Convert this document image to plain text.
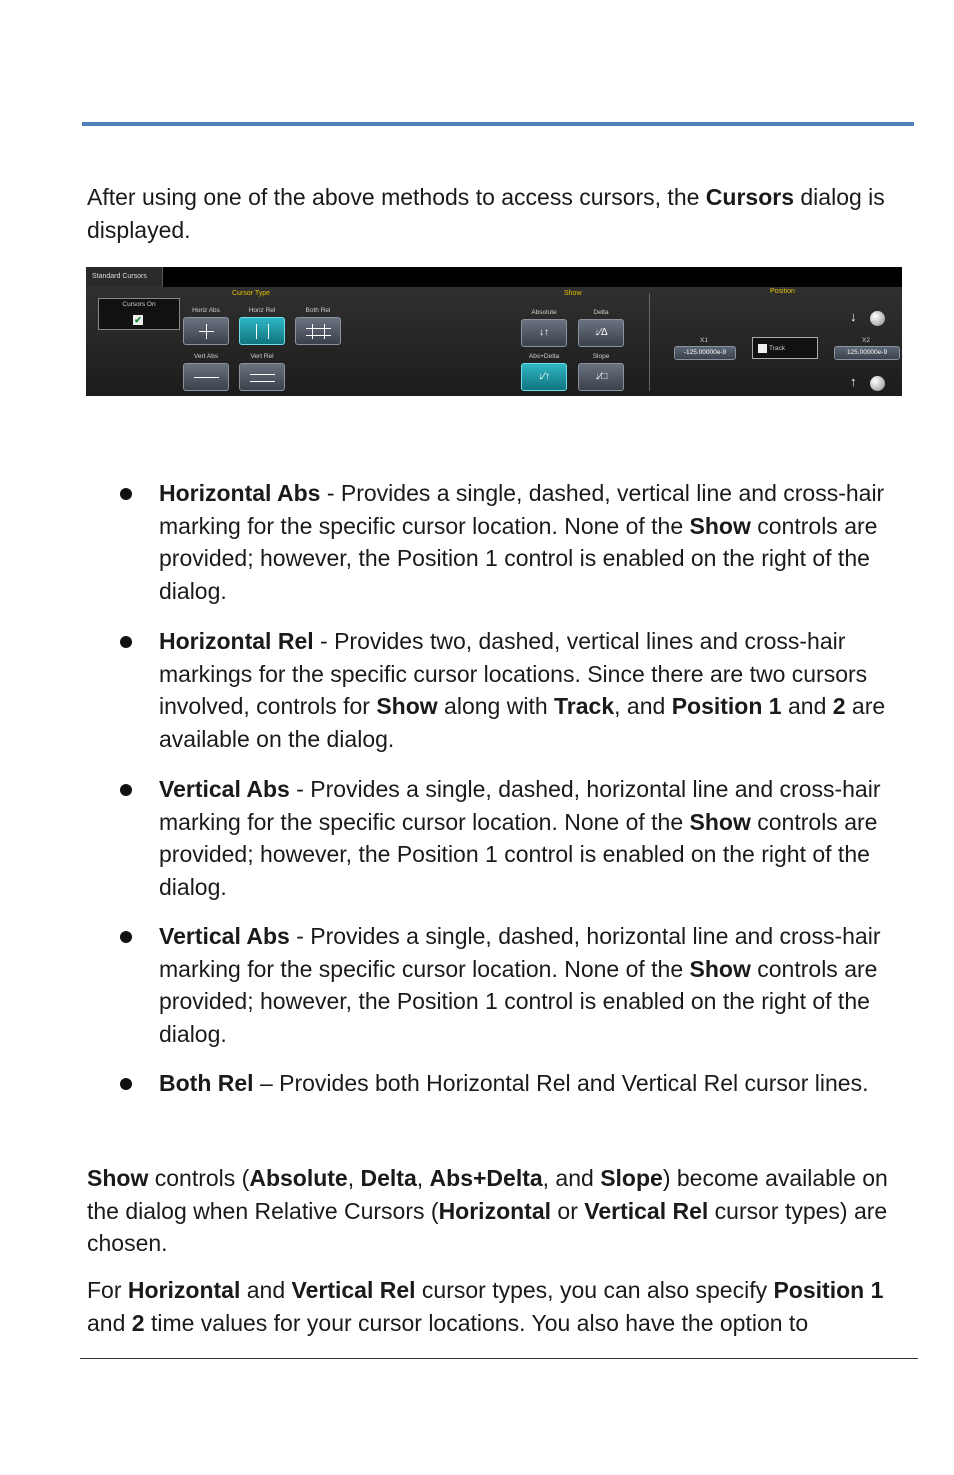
After using one of the above methods to access cursors, the Cursors dialog is displayed.

Standard Cursors
Cursors On
✔
Cursor Type	Show	Position
Horiz Abs	Horiz Rel	Both Rel
Vert Abs	Vert Rel
Absolute
↓↑
Delta
↓∕Δ
Abs+Delta
↓∕↑
Slope
↓∕□
X1
-125.00000e-9
Track
X2
125.00000e-9
↓
↑
Horizontal Abs - Provides a single, dashed, vertical line and cross-hair marking for the specific cursor location. None of the Show controls are provided; however, the Position 1 control is enabled on the right of the dialog.
Horizontal Rel - Provides two, dashed, vertical lines and cross-hair markings for the specific cursor locations. Since there are two cursors involved, controls for Show along with Track, and Position 1 and 2 are available on the dialog.
Vertical Abs - Provides a single, dashed, horizontal line and cross-hair marking for the specific cursor location. None of the Show controls are provided; however, the Position 1 control is enabled on the right of the dialog.
Vertical Abs - Provides a single, dashed, horizontal line and cross-hair marking for the specific cursor location. None of the Show controls are provided; however, the Position 1 control is enabled on the right of the dialog.
Both Rel – Provides both Horizontal Rel and Vertical Rel cursor lines.

Show controls (Absolute, Delta, Abs+Delta, and Slope) become available on the dialog when Relative Cursors (Horizontal or Vertical Rel cursor types) are chosen.

For Horizontal and Vertical Rel cursor types, you can also specify Position 1 and 2 time values for your cursor locations. You also have the option to
